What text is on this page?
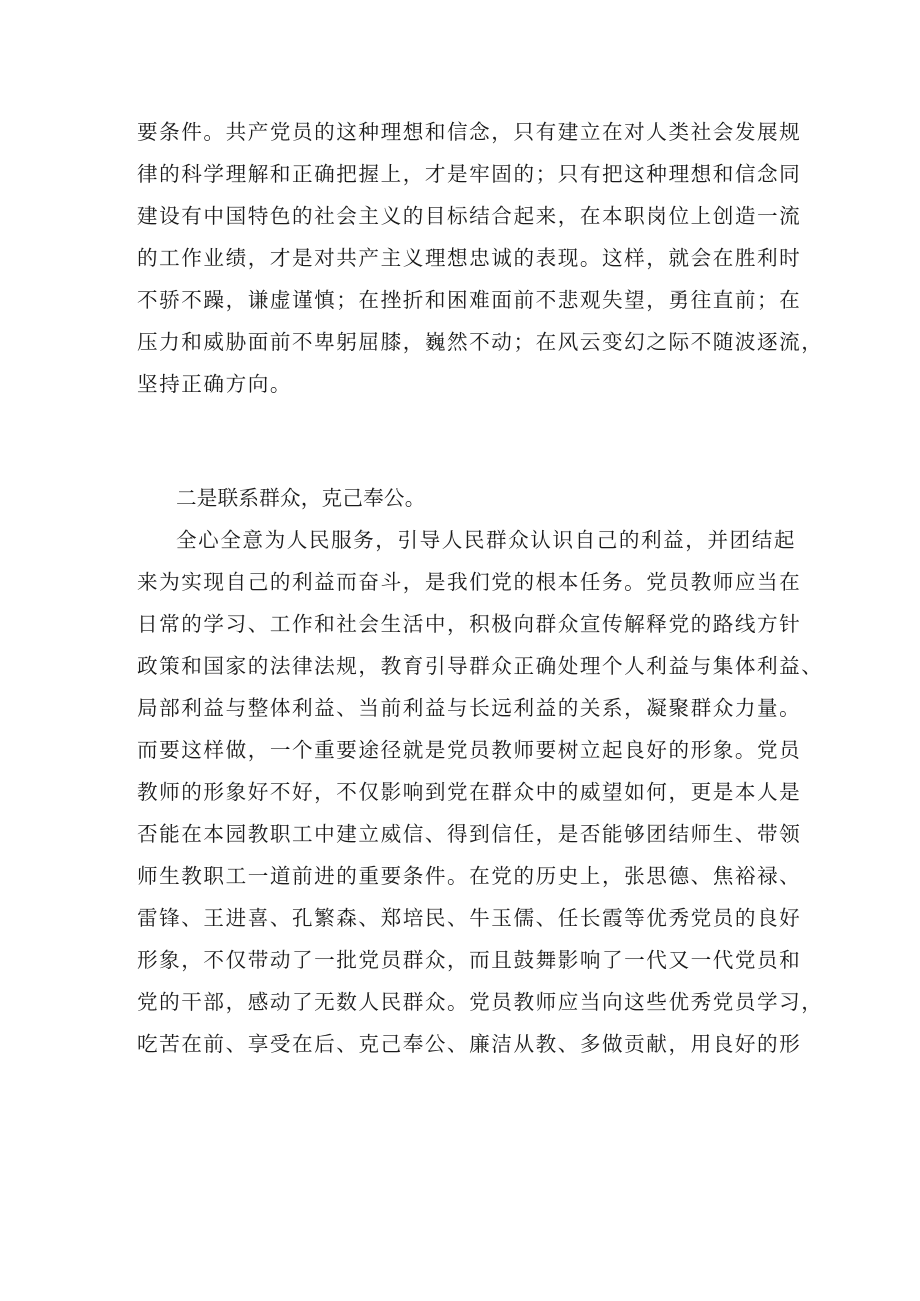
要条件。共产党员的这种理想和信念，只有建立在对人类社会发展规
律的科学理解和正确把握上，才是牢固的；只有把这种理想和信念同
建设有中国特色的社会主义的目标结合起来，在本职岗位上创造一流
的工作业绩，才是对共产主义理想忠诚的表现。这样，就会在胜利时
不骄不躁，谦虚谨慎；在挫折和困难面前不悲观失望，勇往直前；在
压力和威胁面前不卑躬屈膝，巍然不动；在风云变幻之际不随波逐流，
坚持正确方向。
二是联系群众，克己奉公。
全心全意为人民服务，引导人民群众认识自己的利益，并团结起
来为实现自己的利益而奋斗，是我们党的根本任务。党员教师应当在
日常的学习、工作和社会生活中，积极向群众宣传解释党的路线方针
政策和国家的法律法规，教育引导群众正确处理个人利益与集体利益、
局部利益与整体利益、当前利益与长远利益的关系，凝聚群众力量。
而要这样做，一个重要途径就是党员教师要树立起良好的形象。党员
教师的形象好不好，不仅影响到党在群众中的威望如何，更是本人是
否能在本园教职工中建立威信、得到信任，是否能够团结师生、带领
师生教职工一道前进的重要条件。在党的历史上，张思德、焦裕禄、
雷锋、王进喜、孔繁森、郑培民、牛玉儒、任长霞等优秀党员的良好
形象，不仅带动了一批党员群众，而且鼓舞影响了一代又一代党员和
党的干部，感动了无数人民群众。党员教师应当向这些优秀党员学习，
吃苦在前、享受在后、克己奉公、廉洁从教、多做贡献，用良好的形
